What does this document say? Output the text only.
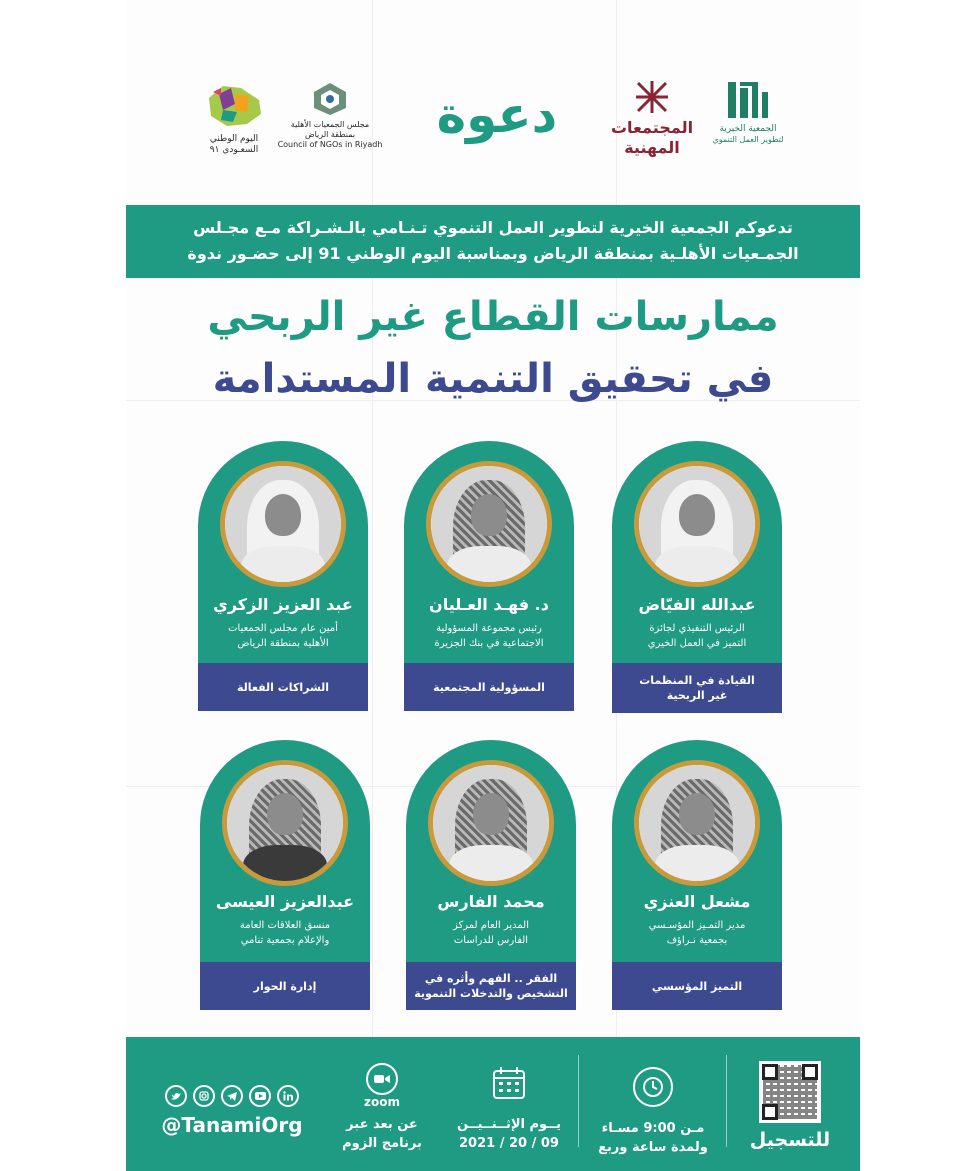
اليوم الوطني
السعـودي ٩١
مجلس الجمعيات الأهلية
بمنطقة الرياض
Council of NGOs in Riyadh
دعوة	المجتمعات
المهنية
الجمعية الخيرية
لتطوير العمل التنموي
تدعوكم الجمعية الخيرية لتطوير العمل التنموي تـنـامي بالـشـراكة مـع مجـلس
الجمـعيات الأهلـية بمنطقة الرياض وبمناسبة اليوم الوطني 91 إلى حضـور ندوة
ممارسات القطاع غير الربحي
في تحقيق التنمية المستدامة
عبدالله الفيّاض
الرئيس التنفيذي لجائزة
التميز في العمل الخيري
القيادة في المنظمات
غير الربحية
د. فهـد العـليان
رئيس مجموعة المسؤولية
الاجتماعية في بنك الجزيرة
المسؤولية المجتمعية
عبد العزيز الزكري
أمين عام مجلس الجمعيات
الأهلية بمنطقة الرياض
الشراكات الفعالة
مشعل العنزي
مدير التمـيز المؤسـسي
بجمعية نـراؤف
التميز المؤسسي
محمد الفارس
المدير العام لمركز
الفارس للدراسات
الفقر .. الفهم وأثره في
التشخيص والتدخلات التنموية
عبدالعزيز العيسى
منسق العلاقات العامة
والإعلام بجمعية تنامي
إدارة الحوار
للتسجيل
مـن 9:00 مسـاء
ولمدة ساعة وربع
يــوم الإثــنــيــن
2021 / 20 / 09
zoom
عن بعد عبر
برنامج الزوم
@TanamiOrg
